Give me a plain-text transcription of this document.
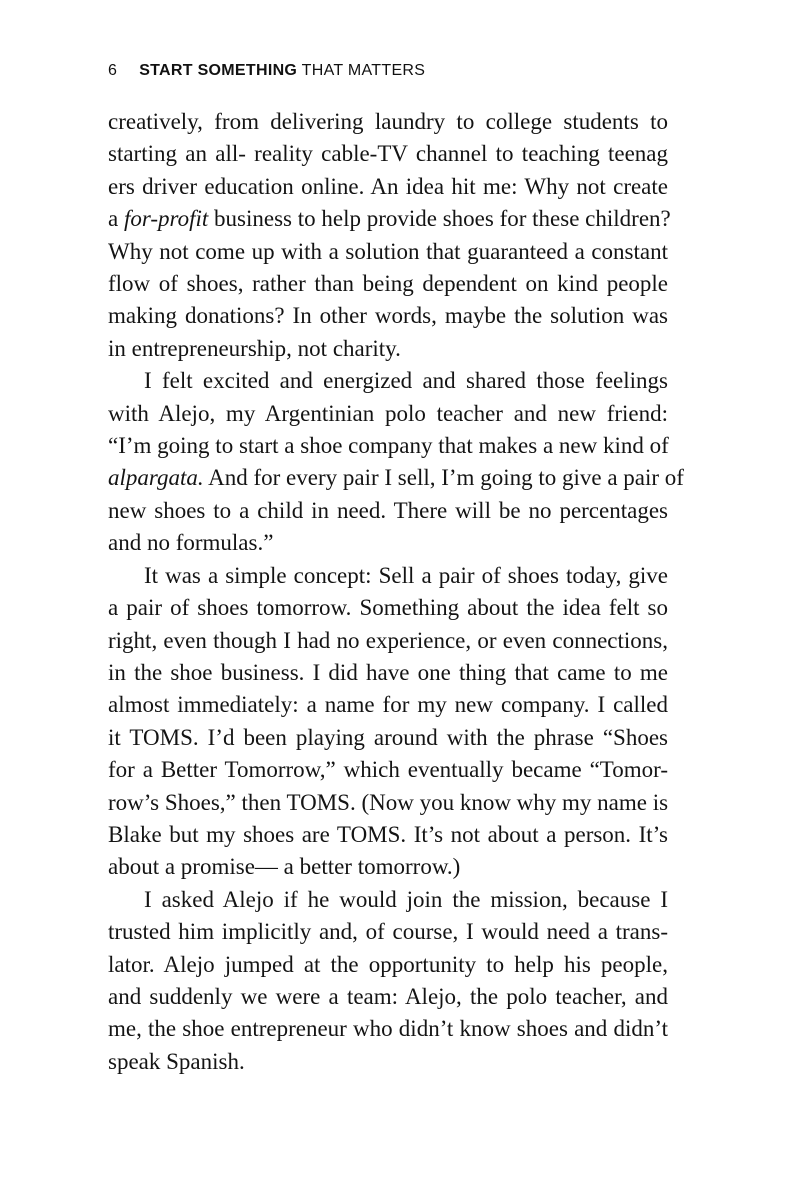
6 START SOMETHING THAT MATTERS
creatively, from delivering laundry to college students to
starting an all- reality cable-TV channel to teaching teenag
ers driver education online. An idea hit me: Why not create
a for-profit business to help provide shoes for these children?
Why not come up with a solution that guaranteed a constant
flow of shoes, rather than being dependent on kind people
making donations? In other words, maybe the solution was
in entrepreneurship, not charity.
I felt excited and energized and shared those feelings
with Alejo, my Argentinian polo teacher and new friend:
“I’m going to start a shoe company that makes a new kind of
alpargata. And for every pair I sell, I’m going to give a pair of
new shoes to a child in need. There will be no percentages
and no formulas.”
It was a simple concept: Sell a pair of shoes today, give
a pair of shoes tomorrow. Something about the idea felt so
right, even though I had no experience, or even connections,
in the shoe business. I did have one thing that came to me
almost immediately: a name for my new company. I called
it TOMS. I’d been playing around with the phrase “Shoes
for a Better Tomorrow,” which eventually became “Tomor-
row’s Shoes,” then TOMS. (Now you know why my name is
Blake but my shoes are TOMS. It’s not about a person. It’s
about a promise— a better tomorrow.)
I asked Alejo if he would join the mission, because I
trusted him implicitly and, of course, I would need a trans-
lator. Alejo jumped at the opportunity to help his people,
and suddenly we were a team: Alejo, the polo teacher, and
me, the shoe entrepreneur who didn’t know shoes and didn’t
speak Spanish.
